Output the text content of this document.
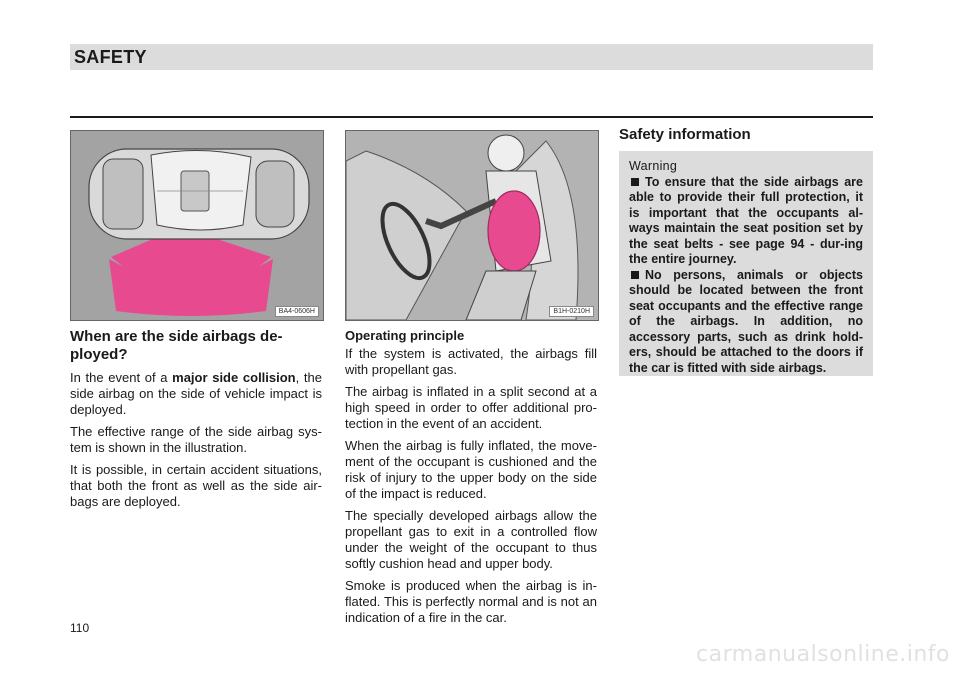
SAFETY
BA4-0606H	B1H-0210H
When are the side airbags de-ployed?

In the event of a major side collision, the side airbag on the side of vehicle impact is deployed.

The effective range of the side airbag sys-tem is shown in the illustration.

It is possible, in certain accident situations, that both the front as well as the side air-bags are deployed.

Operating principle

If the system is activated, the airbags fill with propellant gas.

The airbag is inflated in a split second at a high speed in order to offer additional pro-tection in the event of an accident.

When the airbag is fully inflated, the move-ment of the occupant is cushioned and the risk of injury to the upper body on the side of the impact is reduced.

The specially developed airbags allow the propellant gas to exit in a controlled flow under the weight of the occupant to thus softly cushion head and upper body.

Smoke is produced when the airbag is in-flated. This is perfectly normal and is not an indication of a fire in the car.

Safety information
Warning

To ensure that the side airbags are able to provide their full protection, it is important that the occupants al-ways maintain the seat position set by the seat belts - see page 94 - dur-ing the entire journey.

No persons, animals or objects should be located between the front seat occupants and the effective range of the airbags. In addition, no accessory parts, such as drink hold-ers, should be attached to the doors if the car is fitted with side airbags.

110
carmanualsonline.info
